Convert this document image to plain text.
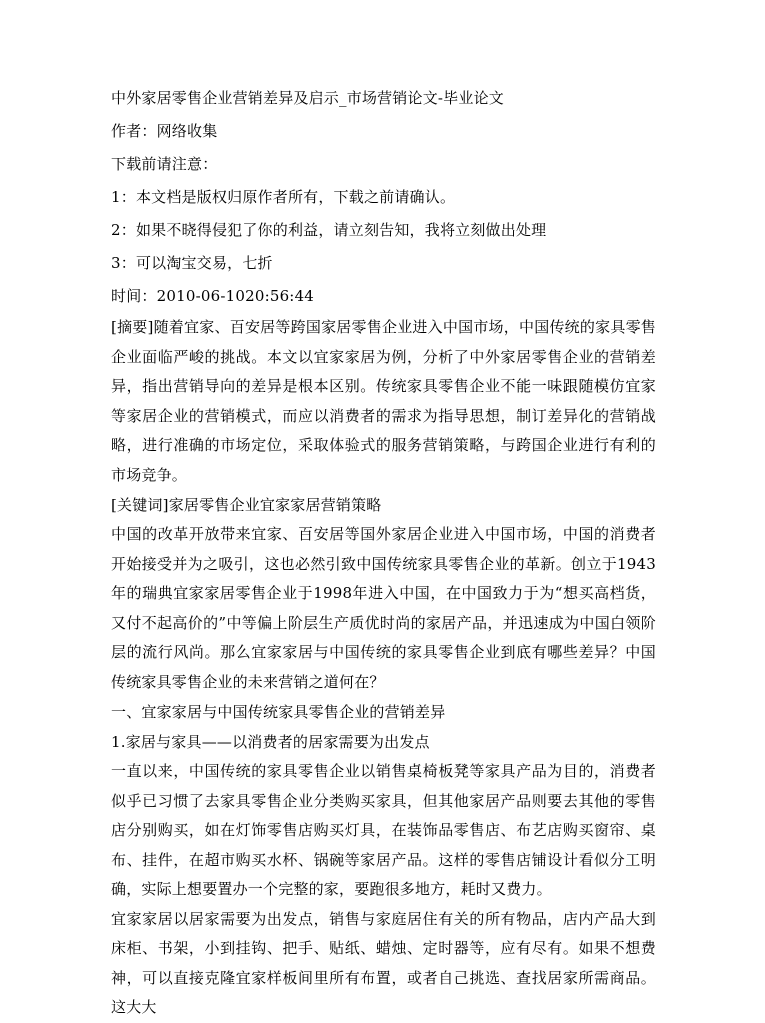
中外家居零售企业营销差异及启示_市场营销论文-毕业论文

作者：网络收集

下载前请注意：

1：本文档是版权归原作者所有，下载之前请确认。

2：如果不晓得侵犯了你的利益，请立刻告知，我将立刻做出处理

3：可以淘宝交易，七折

时间：2010-06-1020:56:44

[摘要]随着宜家、百安居等跨国家居零售企业进入中国市场，中国传统的家具零售企业面临严峻的挑战。本文以宜家家居为例，分析了中外家居零售企业的营销差异，指出营销导向的差异是根本区别。传统家具零售企业不能一味跟随模仿宜家等家居企业的营销模式，而应以消费者的需求为指导思想，制订差异化的营销战略，进行准确的市场定位，采取体验式的服务营销策略，与跨国企业进行有利的市场竞争。

[关键词]家居零售企业宜家家居营销策略

中国的改革开放带来宜家、百安居等国外家居企业进入中国市场，中国的消费者开始接受并为之吸引，这也必然引致中国传统家具零售企业的革新。创立于1943年的瑞典宜家家居零售企业于1998年进入中国，在中国致力于为“想买高档货，又付不起高价的”中等偏上阶层生产质优时尚的家居产品，并迅速成为中国白领阶层的流行风尚。那么宜家家居与中国传统的家具零售企业到底有哪些差异？中国传统家具零售企业的未来营销之道何在？

一、宜家家居与中国传统家具零售企业的营销差异

1.家居与家具——以消费者的居家需要为出发点

一直以来，中国传统的家具零售企业以销售桌椅板凳等家具产品为目的，消费者似乎已习惯了去家具零售企业分类购买家具，但其他家居产品则要去其他的零售店分别购买，如在灯饰零售店购买灯具，在装饰品零售店、布艺店购买窗帘、桌布、挂件，在超市购买水杯、锅碗等家居产品。这样的零售店铺设计看似分工明确，实际上想要置办一个完整的家，要跑很多地方，耗时又费力。

宜家家居以居家需要为出发点，销售与家庭居住有关的所有物品，店内产品大到床柜、书架，小到挂钩、把手、贴纸、蜡烛、定时器等，应有尽有。如果不想费神，可以直接克隆宜家样板间里所有布置，或者自己挑选、查找居家所需商品。这大大
